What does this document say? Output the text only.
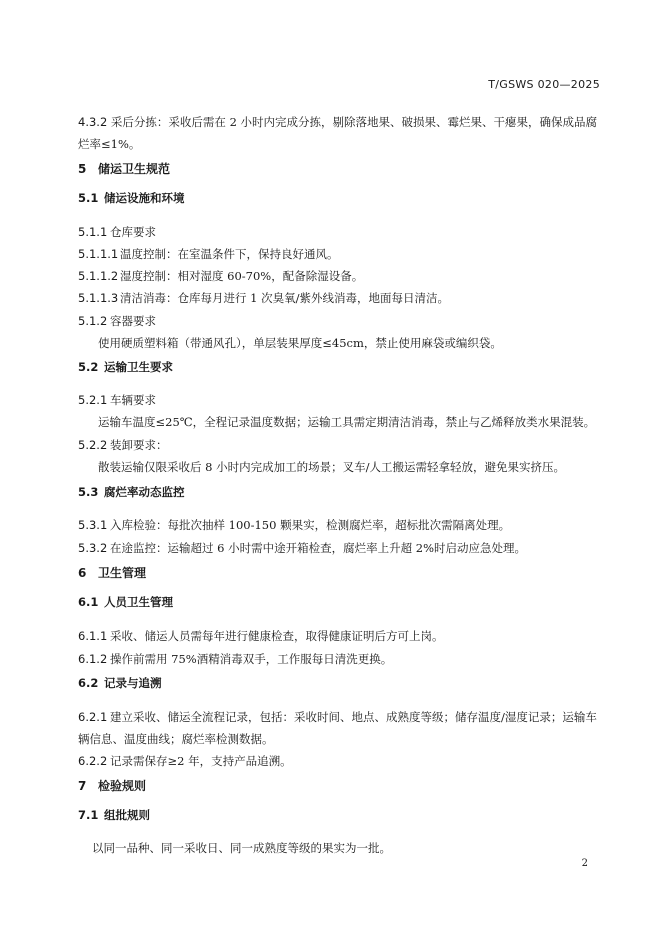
T/GSWS 020—2025
4.3.2 采后分拣：采收后需在 2 小时内完成分拣，剔除落地果、破损果、霉烂果、干瘪果，确保成品腐
烂率≤1%。
5 储运卫生规范
5.1 储运设施和环境
5.1.1 仓库要求
5.1.1.1 温度控制：在室温条件下，保持良好通风。
5.1.1.2 湿度控制：相对湿度 60-70%，配备除湿设备。
5.1.1.3 清洁消毒：仓库每月进行 1 次臭氧/紫外线消毒，地面每日清洁。
5.1.2 容器要求
使用硬质塑料箱（带通风孔），单层装果厚度≤45cm，禁止使用麻袋或编织袋。
5.2 运输卫生要求
5.2.1 车辆要求
运输车温度≤25℃，全程记录温度数据；运输工具需定期清洁消毒，禁止与乙烯释放类水果混装。
5.2.2 装卸要求：
散装运输仅限采收后 8 小时内完成加工的场景；叉车/人工搬运需轻拿轻放，避免果实挤压。
5.3 腐烂率动态监控
5.3.1 入库检验：每批次抽样 100-150 颗果实，检测腐烂率，超标批次需隔离处理。
5.3.2 在途监控：运输超过 6 小时需中途开箱检查，腐烂率上升超 2%时启动应急处理。
6 卫生管理
6.1 人员卫生管理
6.1.1 采收、储运人员需每年进行健康检查，取得健康证明后方可上岗。
6.1.2 操作前需用 75%酒精消毒双手，工作服每日清洗更换。
6.2 记录与追溯
6.2.1 建立采收、储运全流程记录，包括：采收时间、地点、成熟度等级；储存温度/湿度记录；运输车
辆信息、温度曲线；腐烂率检测数据。
6.2.2 记录需保存≥2 年，支持产品追溯。
7 检验规则
7.1 组批规则
以同一品种、同一采收日、同一成熟度等级的果实为一批。
2
